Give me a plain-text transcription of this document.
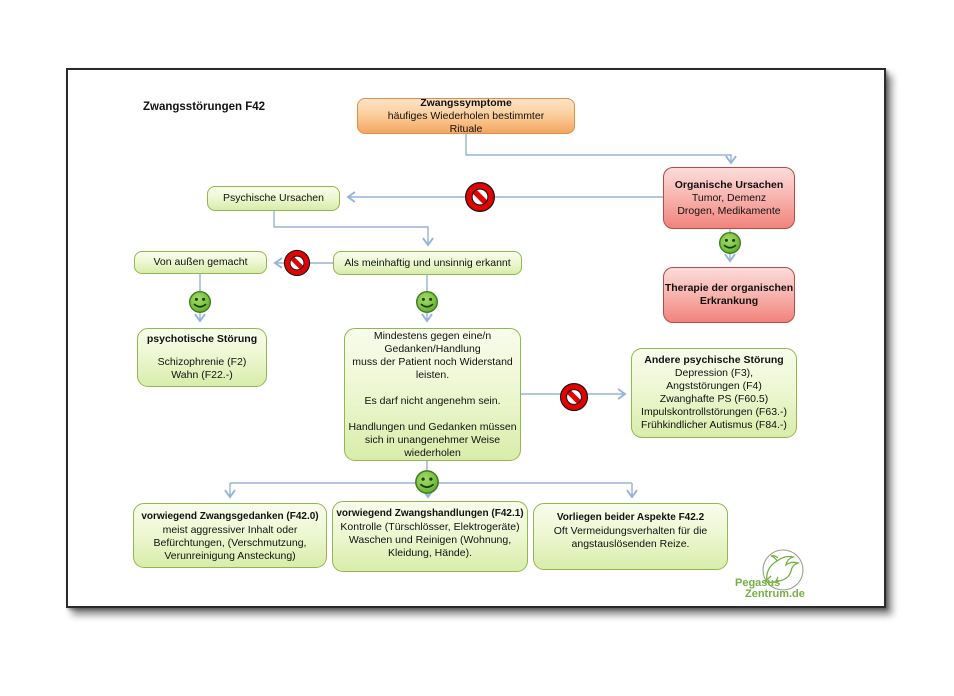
Zwangsstörungen F42	Zwangssymptome
häufiges Wiederholen bestimmter
Rituale
Organische Ursachen
Tumor, Demenz
Drogen, Medikamente
Therapie der organischen
Erkrankung
Psychische Ursachen
Von außen gemacht	Als meinhaftig und unsinnig erkannt
psychotische Störung
Schizophrenie (F2)
Wahn (F22.-)
Mindestens gegen eine/n
Gedanken/Handlung
muss der Patient noch Widerstand
leisten.
Es darf nicht angenehm sein.
Handlungen und Gedanken müssen
sich in unangenehmer Weise
wiederholen
Andere psychische Störung
Depression (F3),
Angststörungen (F4)
Zwanghafte PS (F60.5)
Impulskontrollstörungen (F63.-)
Frühkindlicher Autismus (F84.-)
vorwiegend Zwangsgedanken (F42.0)
meist aggressiver Inhalt oder Befürchtungen, (Verschmutzung, Verunreinigung Ansteckung)
vorwiegend Zwangshandlungen (F42.1)
Kontrolle (Türschlösser, Elektrogeräte) Waschen und Reinigen (Wohnung, Kleidung, Hände).
Vorliegen beider Aspekte F42.2
Oft Vermeidungsverhalten für die angstauslösenden Reize.
Pegasus
Zentrum.de
